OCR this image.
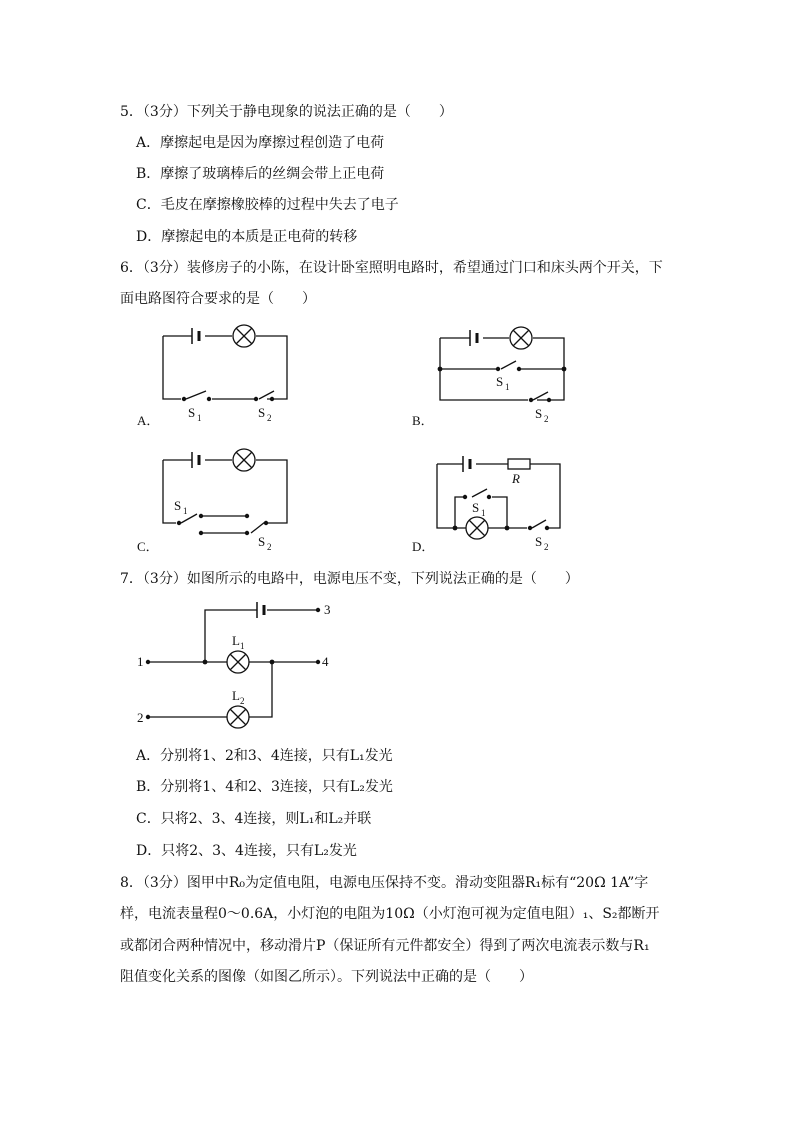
5．（3分）下列关于静电现象的说法正确的是（　　）
A．摩擦起电是因为摩擦过程创造了电荷
B．摩擦了玻璃棒后的丝绸会带上正电荷
C．毛皮在摩擦橡胶棒的过程中失去了电子
D．摩擦起电的本质是正电荷的转移
6．（3分）装修房子的小陈，在设计卧室照明电路时，希望通过门口和床头两个开关，下
面电路图符合要求的是（　　）
A．	B．
C．	D．
S 1	S 2
S 1
S 2
S 1
S 2
R
S 1
S 2
7．（3分）如图所示的电路中，电源电压不变，下列说法正确的是（　　）
1
2
3
4
L 1
L 2
A．分别将1、2和3、4连接，只有L₁发光
B．分别将1、4和2、3连接，只有L₂发光
C．只将2、3、4连接，则L₁和L₂并联
D．只将2、3、4连接，只有L₂发光
8．（3分）图甲中R₀为定值电阻，电源电压保持不变。滑动变阻器R₁标有“20Ω 1A”字
样，电流表量程0～0.6A，小灯泡的电阻为10Ω（小灯泡可视为定值电阻）₁、S₂都断开
或都闭合两种情况中，移动滑片P（保证所有元件都安全）得到了两次电流表示数与R₁
阻值变化关系的图像（如图乙所示）。下列说法中正确的是（　　）
